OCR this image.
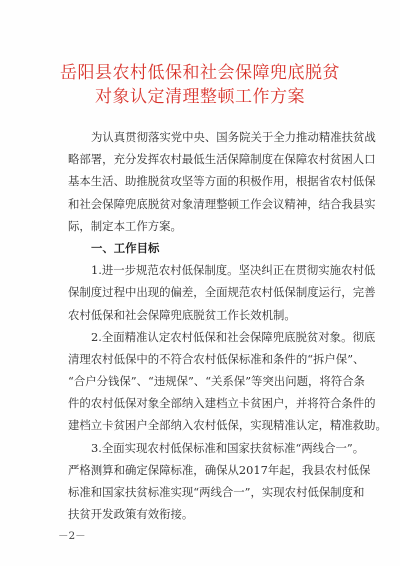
岳阳县农村低保和社会保障兜底脱贫
对象认定清理整顿工作方案
为认真贯彻落实党中央、国务院关于全力推动精准扶贫战
略部署，充分发挥农村最低生活保障制度在保障农村贫困人口
基本生活、助推脱贫攻坚等方面的积极作用，根据省农村低保
和社会保障兜底脱贫对象清理整顿工作会议精神，结合我县实
际，制定本工作方案。
一、工作目标
1.进一步规范农村低保制度。坚决纠正在贯彻实施农村低
保制度过程中出现的偏差，全面规范农村低保制度运行，完善
农村低保和社会保障兜底脱贫工作长效机制。
2.全面精准认定农村低保和社会保障兜底脱贫对象。彻底
清理农村低保中的不符合农村低保标准和条件的“拆户保”、
“合户分钱保”、“违规保”、“关系保”等突出问题，将符合条
件的农村低保对象全部纳入建档立卡贫困户，并将符合条件的
建档立卡贫困户全部纳入农村低保，实现精准认定，精准救助。
3.全面实现农村低保标准和国家扶贫标准“两线合一”。
严格测算和确定保障标准，确保从2017年起，我县农村低保
标准和国家扶贫标准实现“两线合一”，实现农村低保制度和
扶贫开发政策有效衔接。
－2－
